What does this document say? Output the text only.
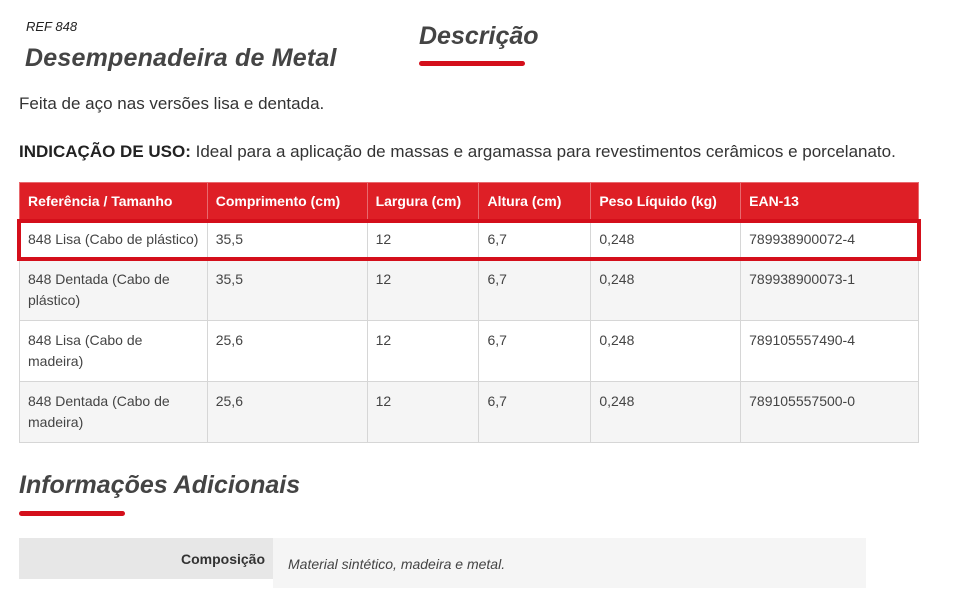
REF 848
Desempenadeira de Metal
Descrição

Feita de aço nas versões lisa e dentada.

INDICAÇÃO DE USO: Ideal para a aplicação de massas e argamassa para revestimentos cerâmicos e porcelanato.

Referência / Tamanho	Comprimento (cm)	Largura (cm)	Altura (cm)	Peso Líquido (kg)	EAN-13
848 Lisa (Cabo de plástico)	35,5	12	6,7	0,248	789938900072-4
848 Dentada (Cabo de plástico)	35,5	12	6,7	0,248	789938900073-1
848 Lisa (Cabo de madeira)	25,6	12	6,7	0,248	789105557490-4
848 Dentada (Cabo de madeira)	25,6	12	6,7	0,248	789105557500-0
Informações Adicionais
Composição	Material sintético, madeira e metal.
